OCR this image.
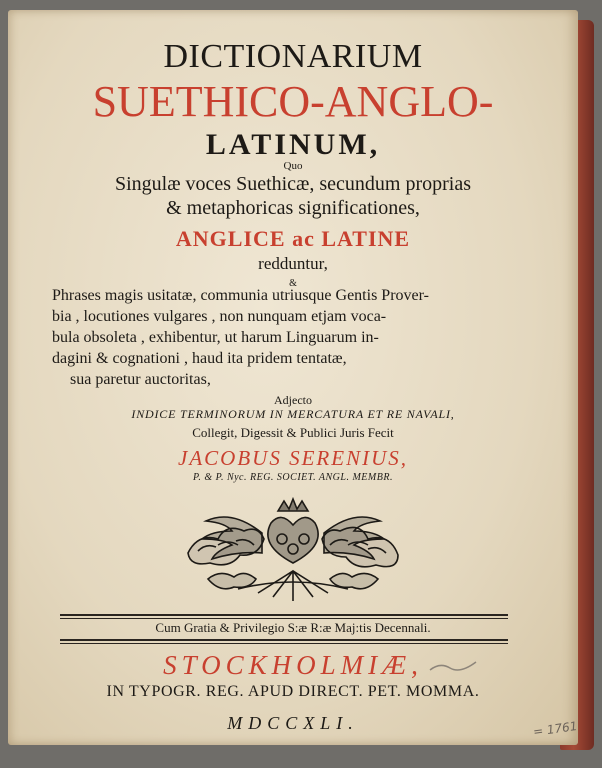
DICTIONARIUM
SUETHICO-ANGLO-
LATINUM,
Quo
Singulæ voces Suethicæ, secundum proprias
& metaphoricas significationes,
ANGLICE ac LATINE
redduntur,
&
Phrases magis usitatæ, communia utriusque Gentis Prover-
bia , locutiones vulgares , non nunquam etjam voca-
bula obsoleta , exhibentur, ut harum Linguarum in-
dagini & cognationi , haud ita pridem tentatæ,
sua paretur auctoritas,
Adjecto
INDICE TERMINORUM IN MERCATURA ET RE NAVALI,
Collegit, Digessit & Publici Juris Fecit
JACOBUS SERENIUS,
P. & P. Nyc. REG. SOCIET. ANGL. MEMBR.
Cum Gratia & Privilegio S:æ R:æ Maj:tis Decennali.
STOCKHOLMIÆ,
IN TYPOGR. REG. APUD DIRECT. PET. MOMMA.
MDCCXLI.	= 1761
